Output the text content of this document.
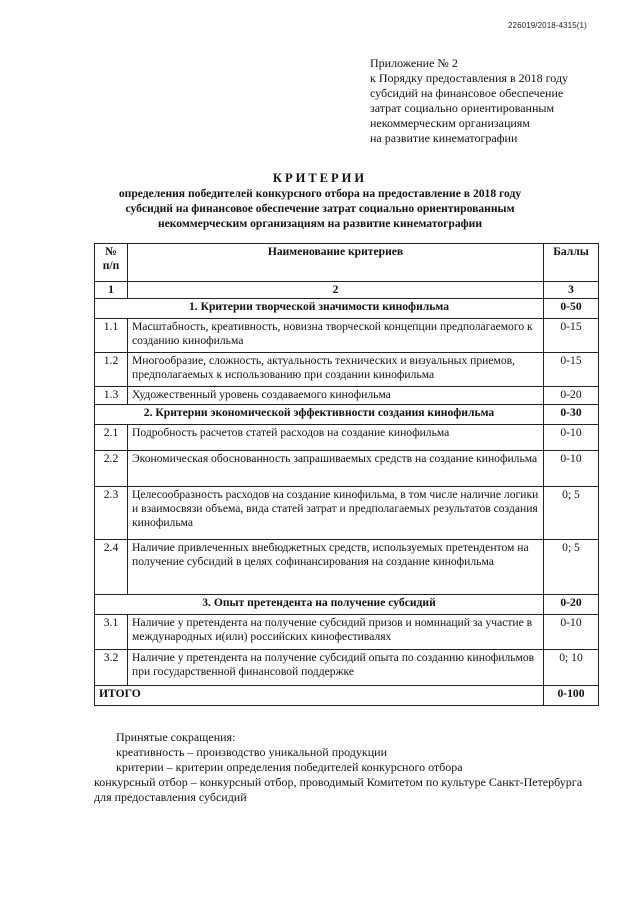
226019/2018-4315(1)
Приложение № 2
к Порядку предоставления в 2018 году
субсидий на финансовое обеспечение
затрат социально ориентированным
некоммерческим организациям
на развитие кинематографии
КРИТЕРИИ
определения победителей конкурсного отбора на предоставление в 2018 году
субсидий на финансовое обеспечение затрат социально ориентированным
некоммерческим организациям на развитие кинематографии
№ п/п	Наименование критериев	Баллы
1	2	3
1. Критерии творческой значимости кинофильма		0-50
1.1	Масштабность, креативность, новизна творческой концепции предполагаемого к созданию кинофильма	0-15
1.2	Многообразие, сложность, актуальность технических и визуальных приемов, предполагаемых к использованию при создании кинофильма	0-15
1.3	Художественный уровень создаваемого кинофильма	0-20
2. Критерии экономической эффективности создания кинофильма		0-30
2.1	Подробность расчетов статей расходов на создание кинофильма	0-10
2.2	Экономическая обоснованность запрашиваемых средств на создание кинофильма	0-10
2.3	Целесообразность расходов на создание кинофильма, в том числе наличие логики и взаимосвязи объема, вида статей затрат и предполагаемых результатов создания кинофильма	0; 5
2.4	Наличие привлеченных внебюджетных средств, используемых претендентом на получение субсидий в целях софинансирования на создание кинофильма	0; 5
3. Опыт претендента на получение субсидий		0-20
3.1	Наличие у претендента на получение субсидий призов и номинаций за участие в международных и(или) российских кинофестивалях	0-10
3.2	Наличие у претендента на получение субсидий опыта по созданию кинофильмов при государственной финансовой поддержке	0; 10
ИТОГО		0-100
Принятые сокращения:
креативность – производство уникальной продукции
критерии – критерии определения победителей конкурсного отбора
конкурсный отбор – конкурсный отбор, проводимый Комитетом по культуре Санкт-Петербурга для предоставления субсидий
